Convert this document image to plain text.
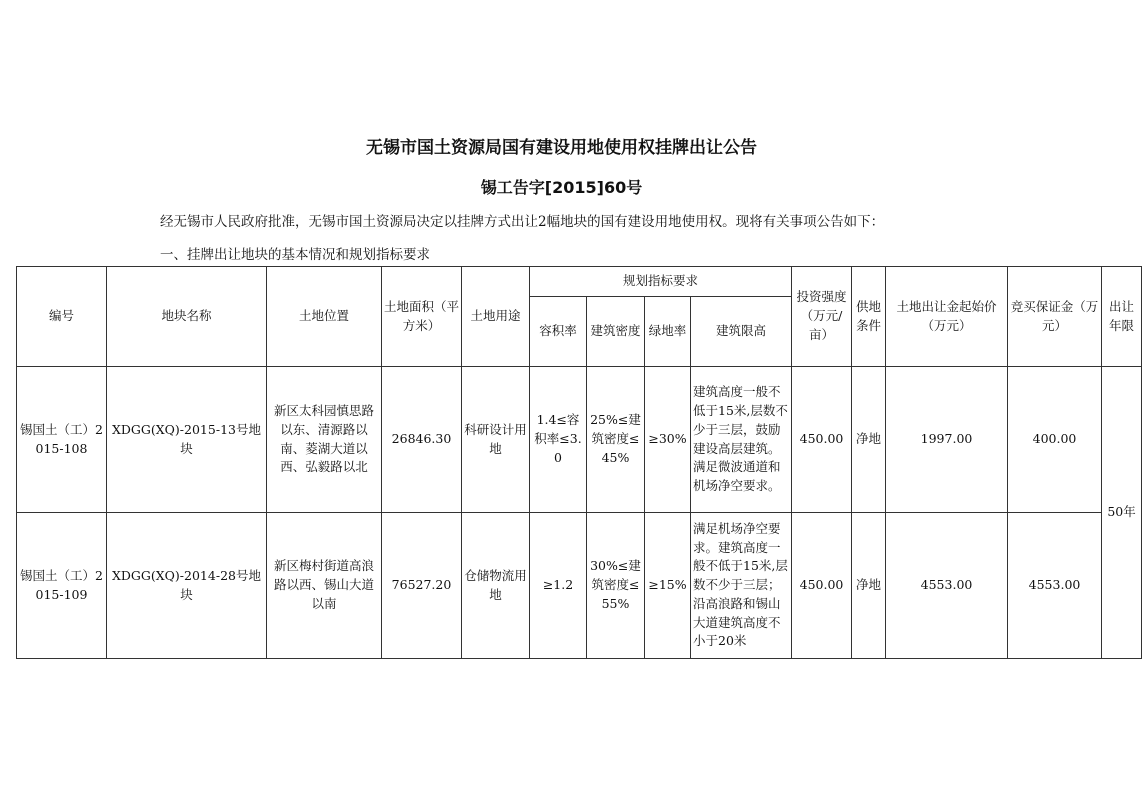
无锡市国土资源局国有建设用地使用权挂牌出让公告
锡工告字[2015]60号
经无锡市人民政府批准，无锡市国土资源局决定以挂牌方式出让2幅地块的国有建设用地使用权。现将有关事项公告如下：
一、挂牌出让地块的基本情况和规划指标要求
编号	地块名称	土地位置	土地面积（平方米）	土地用途	规划指标要求				投资强度（万元/亩）	供地条件	土地出让金起始价（万元）	竞买保证金（万元）	出让年限
					容积率	建筑密度	绿地率	建筑限高					
锡国土（工）2015-108	XDGG(XQ)-2015-13号地块	新区太科园慎思路以东、清源路以南、菱湖大道以西、弘毅路以北	26846.30	科研设计用地	1.4≤容积率≤3.0	25%≤建筑密度≤45%	≥30%	建筑高度一般不低于15米,层数不少于三层，鼓励建设高层建筑。满足微波通道和机场净空要求。	450.00	净地	1997.00	400.00	50年
锡国土（工）2015-109	XDGG(XQ)-2014-28号地块	新区梅村街道高浪路以西、锡山大道以南	76527.20	仓储物流用地	≥1.2	30%≤建筑密度≤55%	≥15%	满足机场净空要求。建筑高度一般不低于15米,层数不少于三层；沿高浪路和锡山大道建筑高度不小于20米	450.00	净地	4553.00	4553.00	
